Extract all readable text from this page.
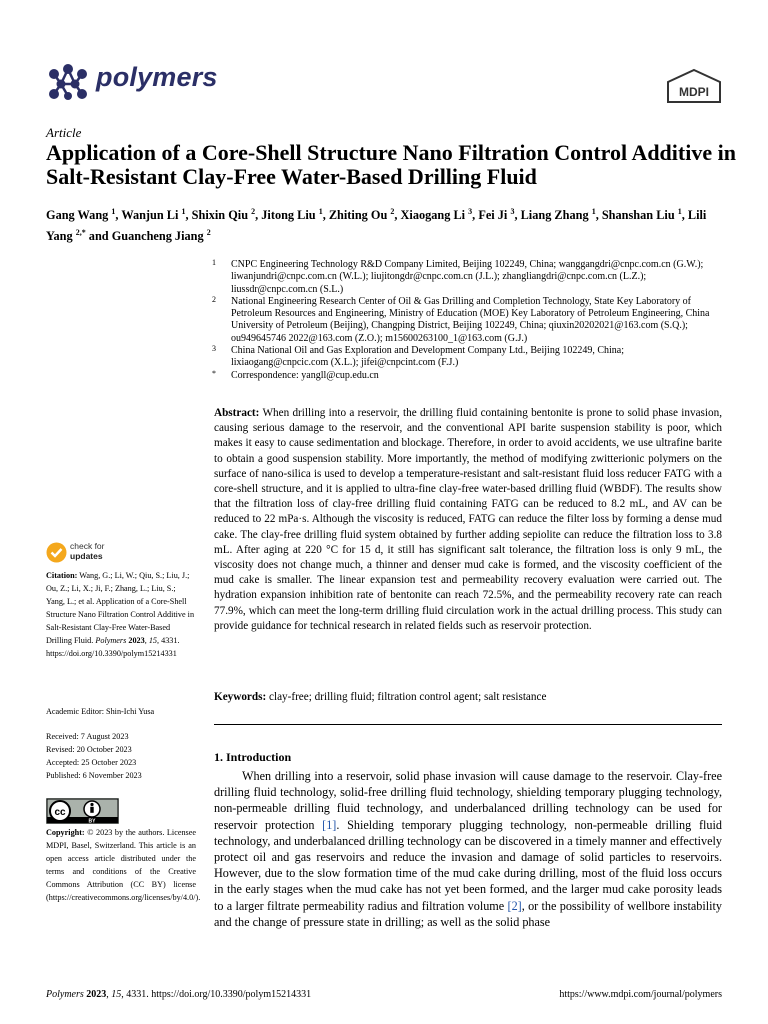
polymers	MDPI
Article
Application of a Core-Shell Structure Nano Filtration Control Additive in Salt-Resistant Clay-Free Water-Based Drilling Fluid
Gang Wang $^1$, Wanjun Li $^1$, Shixin Qiu $^2$, Jitong Liu $^1$, Zhiting Ou $^2$, Xiaogang Li $^3$, Fei Ji $^3$, Liang Zhang $^1$, Shanshan Liu $^1$, Lili Yang $^{2,*}$ and Guancheng Jiang $^2$
1 CNPC Engineering Technology R&D Company Limited, Beijing 102249, China; wanggangdri@cnpc.com.cn (G.W.); liwanjundri@cnpc.com.cn (W.L.); liujitongdr@cnpc.com.cn (J.L.); zhangliangdri@cnpc.com.cn (L.Z.); liussdr@cnpc.com.cn (S.L.)
2 National Engineering Research Center of Oil & Gas Drilling and Completion Technology, State Key Laboratory of Petroleum Resources and Engineering, Ministry of Education (MOE) Key Laboratory of Petroleum Engineering, China University of Petroleum (Beijing), Changping District, Beijing 102249, China; qiuxin20202021@163.com (S.Q.); ou949645746 2022@163.com (Z.O.); m15600263100_1@163.com (G.J.)
3 China National Oil and Gas Exploration and Development Company Ltd., Beijing 102249, China; lixiaogang@cnpcic.com (X.L.); jifei@cnpcint.com (F.J.)
* Correspondence: yangll@cup.edu.cn
Abstract: When drilling into a reservoir, the drilling fluid containing bentonite is prone to solid phase invasion, causing serious damage to the reservoir, and the conventional API barite suspension stability is poor, which makes it easy to cause sedimentation and blockage. Therefore, in order to avoid accidents, we use ultrafine barite to obtain a good suspension stability. More importantly, the method of modifying zwitterionic polymers on the surface of nano-silica is used to develop a temperature-resistant and salt-resistant fluid loss reducer FATG with a core-shell structure, and it is applied to ultra-fine clay-free water-based drilling fluid (WBDF). The results show that the filtration loss of clay-free drilling fluid containing FATG can be reduced to 8.2 mL, and AV can be reduced to 22 mPa·s. Although the viscosity is reduced, FATG can reduce the filter loss by forming a dense mud cake. The clay-free drilling fluid system obtained by further adding sepiolite can reduce the filtration loss to 3.8 mL. After aging at 220 °C for 15 d, it still has significant salt tolerance, the filtration loss is only 9 mL, the viscosity does not change much, a thinner and denser mud cake is formed, and the viscosity coefficient of the mud cake is smaller. The linear expansion test and permeability recovery evaluation were carried out. The hydration expansion inhibition rate of bentonite can reach 72.5%, and the permeability recovery rate can reach 77.9%, which can meet the long-term drilling fluid circulation work in the actual drilling process. This study can provide guidance for technical research in related fields such as reservoir protection.
Keywords: clay-free; drilling fluid; filtration control agent; salt resistance
check for
updates
Citation: Wang, G.; Li, W.; Qiu, S.; Liu, J.; Ou, Z.; Li, X.; Ji, F.; Zhang, L.; Liu, S.; Yang, L.; et al. Application of a Core-Shell Structure Nano Filtration Control Additive in Salt-Resistant Clay-Free Water-Based Drilling Fluid. Polymers 2023, 15, 4331. https://doi.org/10.3390/polym15214331
Academic Editor: Shin-Ichi Yusa
Received: 7 August 2023
Revised: 20 October 2023
Accepted: 25 October 2023
Published: 6 November 2023
cc
BY
Copyright: © 2023 by the authors. Licensee MDPI, Basel, Switzerland. This article is an open access article distributed under the terms and conditions of the Creative Commons Attribution (CC BY) license (https://creativecommons.org/licenses/by/4.0/).
1. Introduction
When drilling into a reservoir, solid phase invasion will cause damage to the reservoir. Clay-free drilling fluid technology, solid-free drilling fluid technology, shielding temporary plugging technology, non-permeable drilling fluid technology, and underbalanced drilling technology can be used for reservoir protection [1]. Shielding temporary plugging technology, non-permeable drilling fluid technology, and underbalanced drilling technology can be discovered in a timely manner and effectively protect oil and gas reservoirs and reduce the invasion and damage of solid particles to reservoirs. However, due to the slow formation time of the mud cake during drilling, most of the fluid loss occurs in the early stages when the mud cake has not yet been formed, and the larger mud cake porosity leads to a larger filtrate permeability radius and filtration volume [2], or the possibility of wellbore instability and the change of pressure state in drilling; as well as the solid phase
Polymers 2023, 15, 4331. https://doi.org/10.3390/polym15214331	https://www.mdpi.com/journal/polymers
